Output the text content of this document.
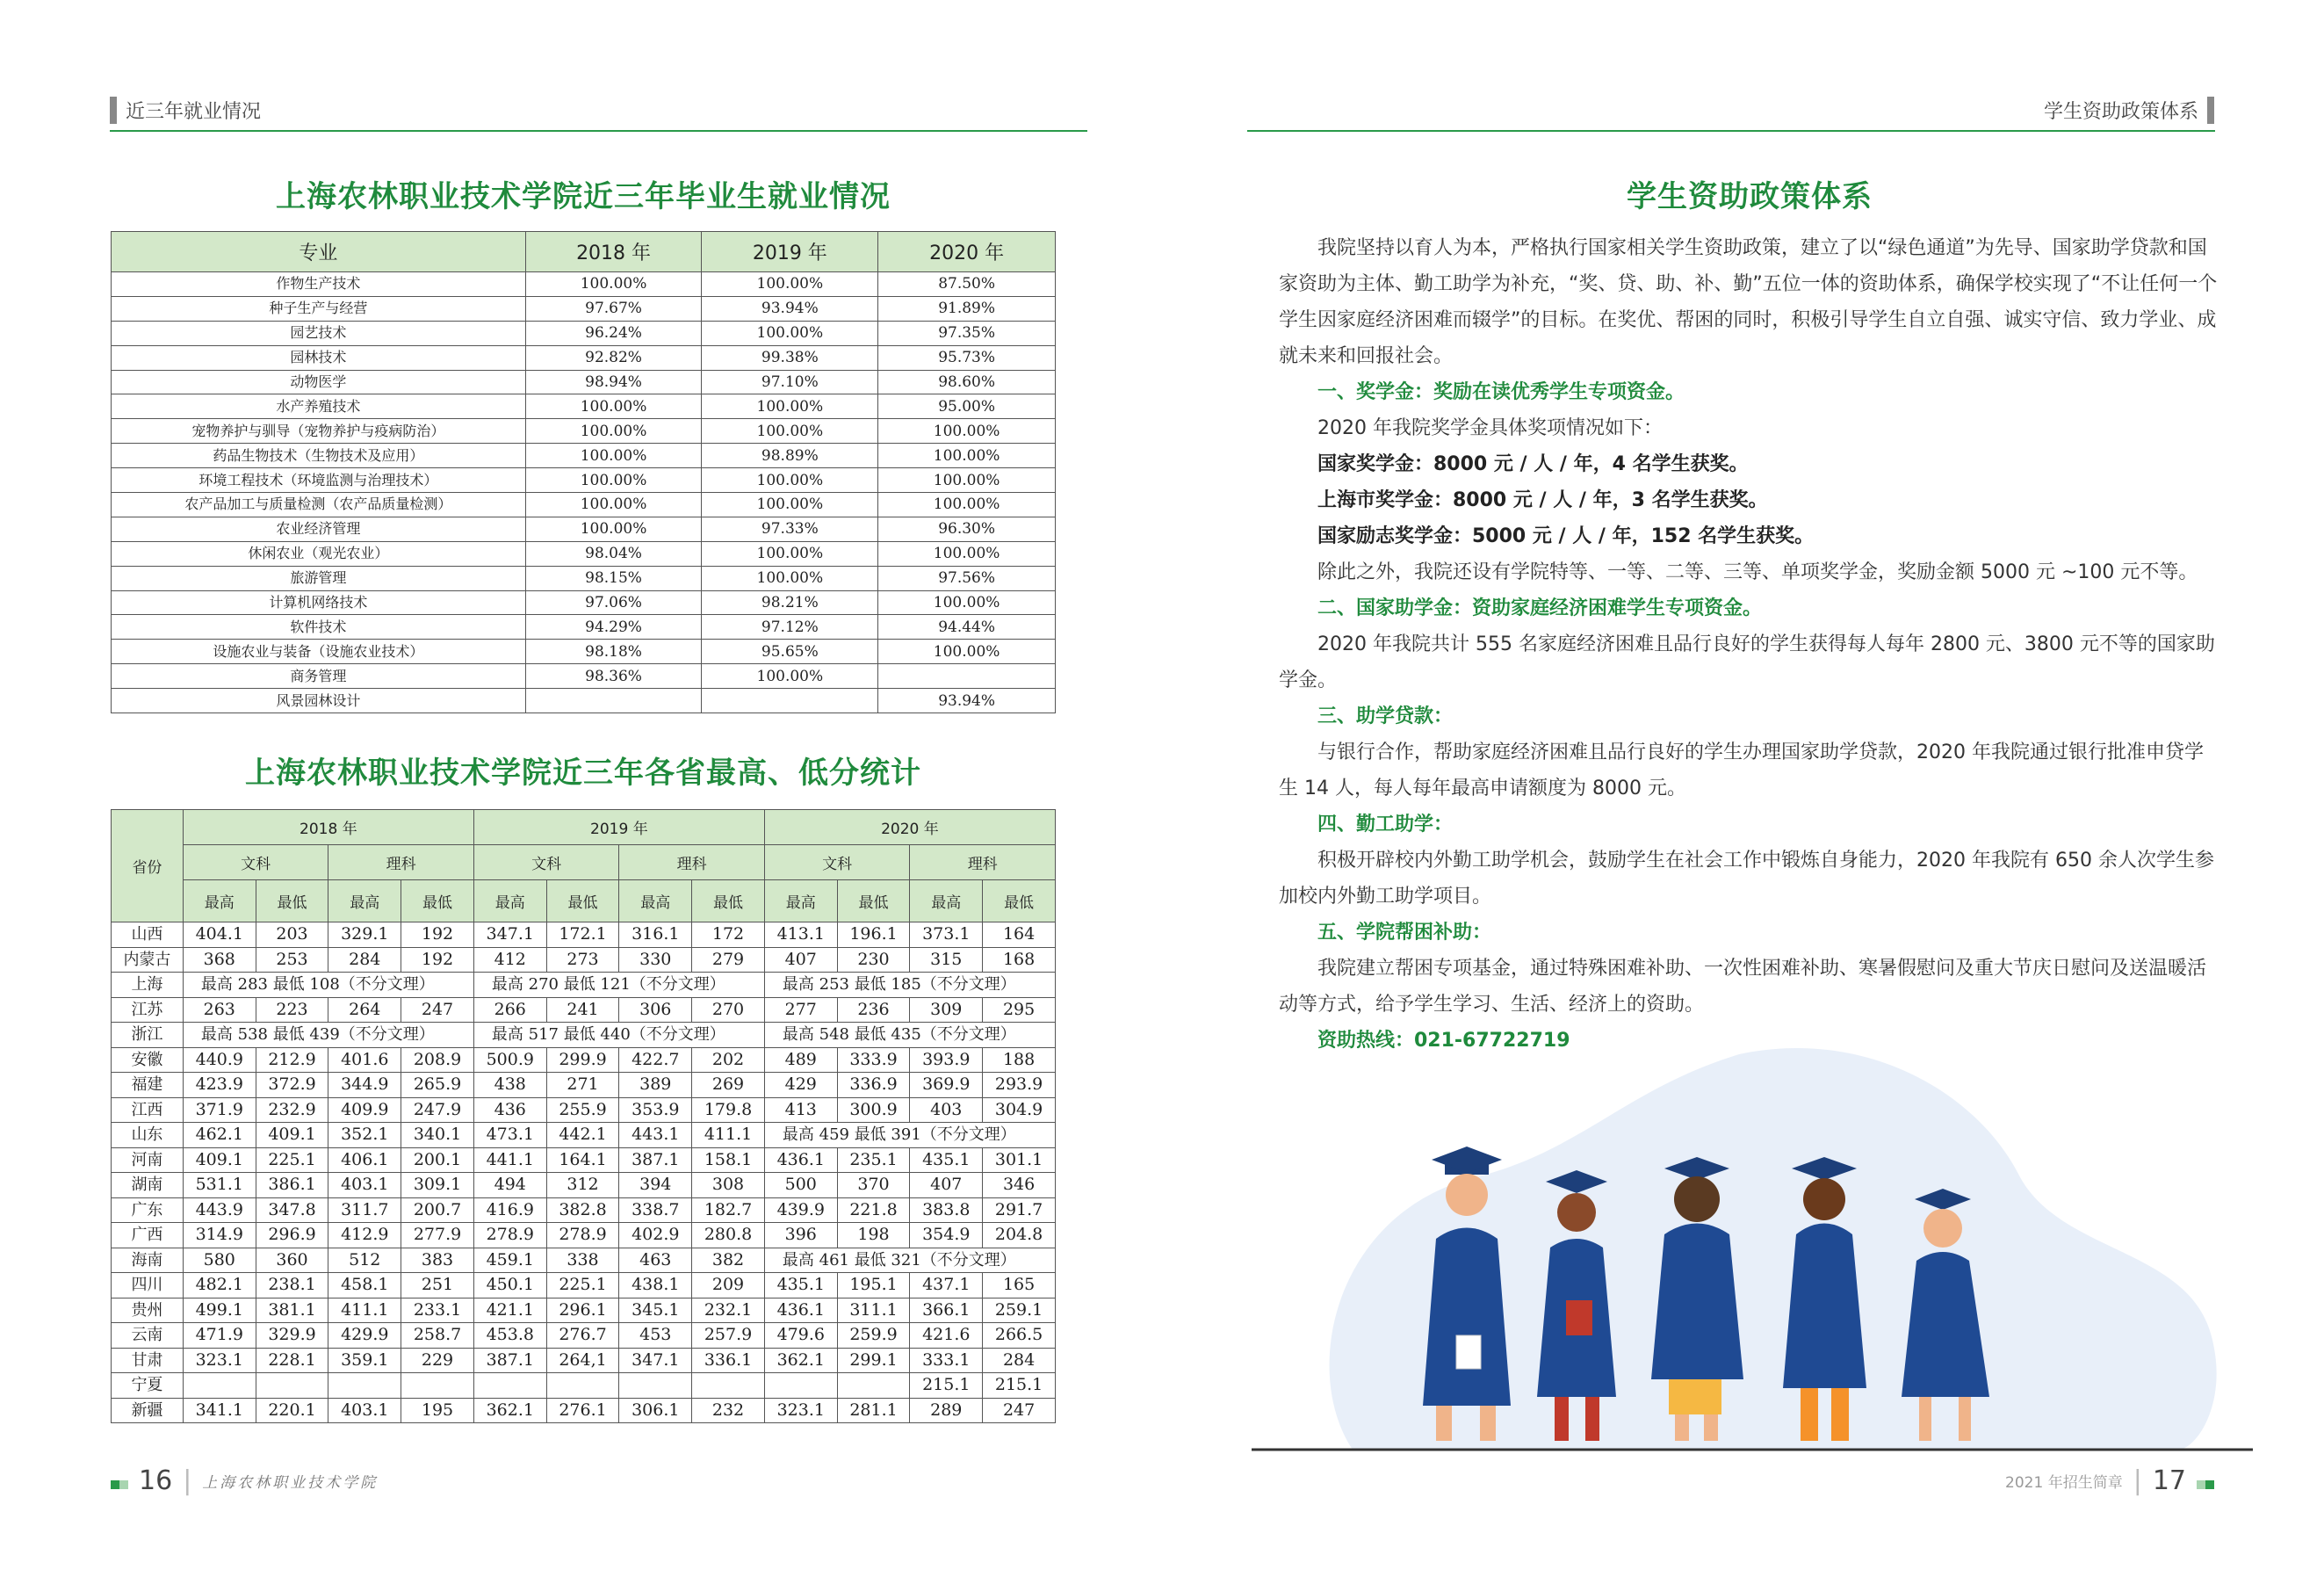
近三年就业情况	学生资助政策体系
上海农林职业技术学院近三年毕业生就业情况
专业	2018 年	2019 年	2020 年
作物生产技术	100.00%	100.00%	87.50%
种子生产与经营	97.67%	93.94%	91.89%
园艺技术	96.24%	100.00%	97.35%
园林技术	92.82%	99.38%	95.73%
动物医学	98.94%	97.10%	98.60%
水产养殖技术	100.00%	100.00%	95.00%
宠物养护与驯导（宠物养护与疫病防治）	100.00%	100.00%	100.00%
药品生物技术（生物技术及应用）	100.00%	98.89%	100.00%
环境工程技术（环境监测与治理技术）	100.00%	100.00%	100.00%
农产品加工与质量检测（农产品质量检测）	100.00%	100.00%	100.00%
农业经济管理	100.00%	97.33%	96.30%
休闲农业（观光农业）	98.04%	100.00%	100.00%
旅游管理	98.15%	100.00%	97.56%
计算机网络技术	97.06%	98.21%	100.00%
软件技术	94.29%	97.12%	94.44%
设施农业与装备（设施农业技术）	98.18%	95.65%	100.00%
商务管理	98.36%	100.00%	
风景园林设计			93.94%
上海农林职业技术学院近三年各省最高、低分统计
省份	2018 年				2019 年				2020 年			
	文科		理科		文科		理科		文科		理科	
	最高	最低	最高	最低	最高	最低	最高	最低	最高	最低	最高	最低
山西	404.1	203	329.1	192	347.1	172.1	316.1	172	413.1	196.1	373.1	164
内蒙古	368	253	284	192	412	273	330	279	407	230	315	168
上海	最高 283 最低 108（不分文理）				最高 270 最低 121（不分文理）				最高 253 最低 185（不分文理）			
江苏	263	223	264	247	266	241	306	270	277	236	309	295
浙江	最高 538 最低 439（不分文理）				最高 517 最低 440（不分文理）				最高 548 最低 435（不分文理）			
安徽	440.9	212.9	401.6	208.9	500.9	299.9	422.7	202	489	333.9	393.9	188
福建	423.9	372.9	344.9	265.9	438	271	389	269	429	336.9	369.9	293.9
江西	371.9	232.9	409.9	247.9	436	255.9	353.9	179.8	413	300.9	403	304.9
山东	462.1	409.1	352.1	340.1	473.1	442.1	443.1	411.1	最高 459 最低 391（不分文理）			
河南	409.1	225.1	406.1	200.1	441.1	164.1	387.1	158.1	436.1	235.1	435.1	301.1
湖南	531.1	386.1	403.1	309.1	494	312	394	308	500	370	407	346
广东	443.9	347.8	311.7	200.7	416.9	382.8	338.7	182.7	439.9	221.8	383.8	291.7
广西	314.9	296.9	412.9	277.9	278.9	278.9	402.9	280.8	396	198	354.9	204.8
海南	580	360	512	383	459.1	338	463	382	最高 461 最低 321（不分文理）			
四川	482.1	238.1	458.1	251	450.1	225.1	438.1	209	435.1	195.1	437.1	165
贵州	499.1	381.1	411.1	233.1	421.1	296.1	345.1	232.1	436.1	311.1	366.1	259.1
云南	471.9	329.9	429.9	258.7	453.8	276.7	453	257.9	479.6	259.9	421.6	266.5
甘肃	323.1	228.1	359.1	229	387.1	264,1	347.1	336.1	362.1	299.1	333.1	284
宁夏											215.1	215.1
新疆	341.1	220.1	403.1	195	362.1	276.1	306.1	232	323.1	281.1	289	247
学生资助政策体系

我院坚持以育人为本，严格执行国家相关学生资助政策，建立了以“绿色通道”为先导、国家助学贷款和国家资助为主体、勤工助学为补充，“奖、贷、助、补、勤”五位一体的资助体系，确保学校实现了“不让任何一个学生因家庭经济困难而辍学”的目标。在奖优、帮困的同时，积极引导学生自立自强、诚实守信、致力学业、成就未来和回报社会。

一、奖学金：奖励在读优秀学生专项资金。

2020 年我院奖学金具体奖项情况如下：

国家奖学金：8000 元 / 人 / 年，4 名学生获奖。

上海市奖学金：8000 元 / 人 / 年，3 名学生获奖。

国家励志奖学金：5000 元 / 人 / 年，152 名学生获奖。

除此之外，我院还设有学院特等、一等、二等、三等、单项奖学金，奖励金额 5000 元 ~100 元不等。

二、国家助学金：资助家庭经济困难学生专项资金。

2020 年我院共计 555 名家庭经济困难且品行良好的学生获得每人每年 2800 元、3800 元不等的国家助学金。

三、助学贷款：

与银行合作，帮助家庭经济困难且品行良好的学生办理国家助学贷款，2020 年我院通过银行批准申贷学生 14 人，每人每年最高申请额度为 8000 元。

四、勤工助学：

积极开辟校内外勤工助学机会，鼓励学生在社会工作中锻炼自身能力，2020 年我院有 650 余人次学生参加校内外勤工助学项目。

五、学院帮困补助：

我院建立帮困专项基金，通过特殊困难补助、一次性困难补助、寒暑假慰问及重大节庆日慰问及送温暖活动等方式，给予学生学习、生活、经济上的资助。

资助热线：021-67722719

16 | 上海农林职业技术学院	2021 年招生简章 | 17
